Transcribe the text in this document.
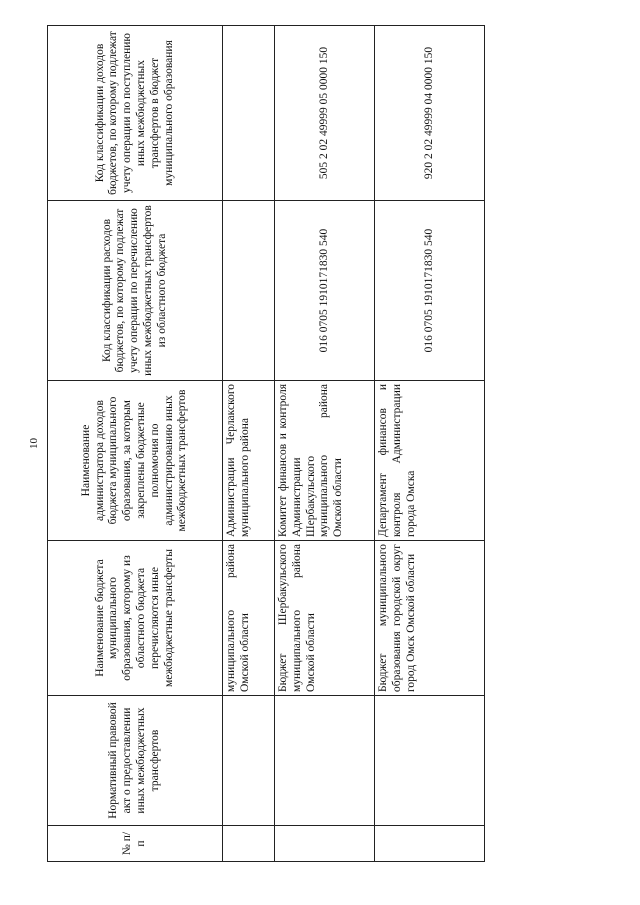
10
№ п/п	Нормативный правовой акт о предоставлении иных межбюджетных трансфертов	Наименование бюджета муниципального образования, которому из областного бюджета перечисляются иные межбюджетные трансферты	Наименование администратора доходов бюджета муниципального образования, за которым закреплены бюджетные полномочия по администрированию иных межбюджетных трансфертов	Код классификации расходов бюджетов, по которому подлежат учету операции по перечислению иных межбюджетных трансфертов из областного бюджета	Код классификации доходов бюджетов, по которому подлежат учету операции по поступлению иных межбюджетных трансфертов в бюджет муниципального образования
		муниципального района Омской области	Администрации Черлакского муниципального района		
		Бюджет Шербакульского муниципального района Омской области	Комитет финансов и контроля Администрации Шербакульского муниципального района Омской области	016 0705 1910171830 540	505 2 02 49999 05 0000 150
		Бюджет муниципального образования городской округ город Омск Омской области	Департамент финансов и контроля Администрации города Омска	016 0705 1910171830 540	920 2 02 49999 04 0000 150
